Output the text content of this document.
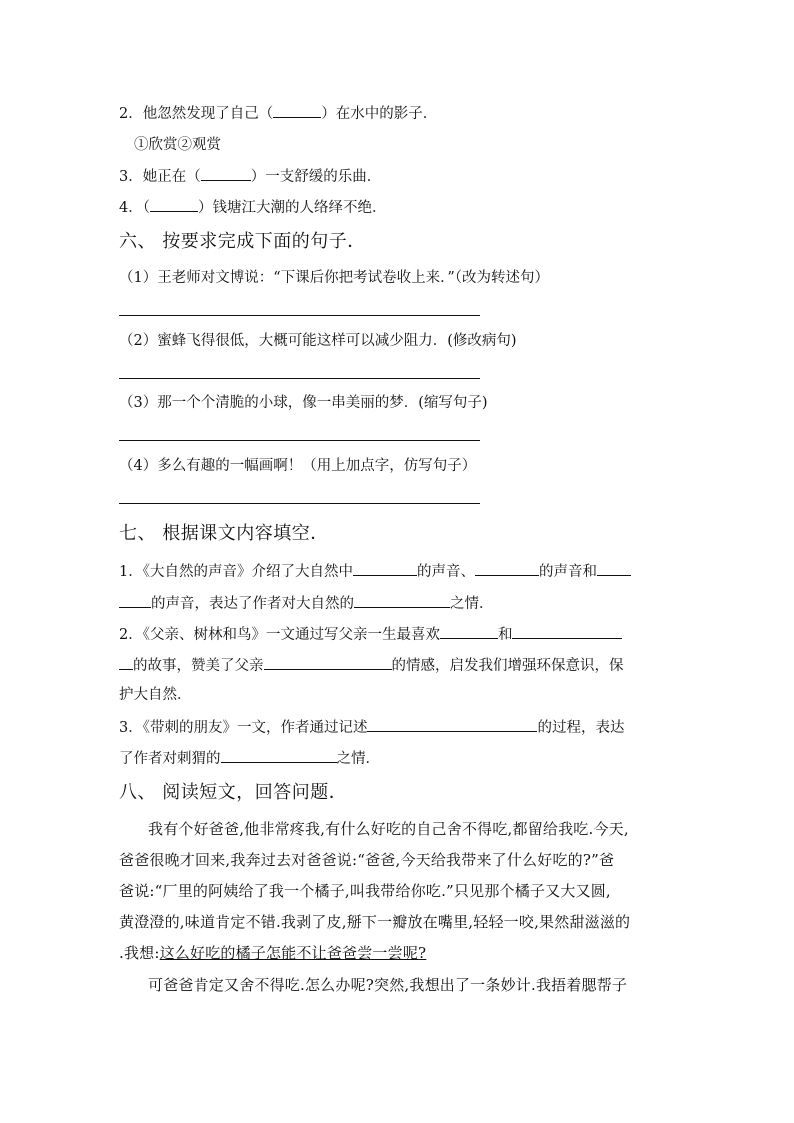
2．他忽然发现了自己（	）在水中的影子．
①欣赏②观赏
3．她正在（	）一支舒缓的乐曲．
4．（	）钱塘江大潮的人络绎不绝．
六、 按要求完成下面的句子．
（1）王老师对文博说：“下课后你把考试卷收上来．”（改为转述句）
（2）蜜蜂飞得很低，大概可能这样可以减少阻力．(修改病句)
（3）那一个个清脆的小球，像一串美丽的梦．(缩写句子)
（4）多么有趣的一幅画啊！（用上加点字，仿写句子）
七、 根据课文内容填空．
1．《大自然的声音》介绍了大自然中	的声音、	的声音和
的声音，表达了作者对大自然的	之情．
2．《父亲、树林和鸟》一文通过写父亲一生最喜欢	和
的故事，赞美了父亲	的情感，启发我们增强环保意识，保
护大自然．
3．《带刺的朋友》一文，作者通过记述	的过程，表达
了作者对刺猬的	之情．
八、 阅读短文，回答问题．
我有个好爸爸,他非常疼我,有什么好吃的自己舍不得吃,都留给我吃.今天,
爸爸很晚才回来,我奔过去对爸爸说:“爸爸,今天给我带来了什么好吃的?”爸
爸说:“厂里的阿姨给了我一个橘子,叫我带给你吃.”只见那个橘子又大又圆,
黄澄澄的,味道肯定不错.我剥了皮,掰下一瓣放在嘴里,轻轻一咬,果然甜滋滋的
.我想:这么好吃的橘子怎能不让爸爸尝一尝呢?
可爸爸肯定又舍不得吃.怎么办呢?突然,我想出了一条妙计.我捂着腮帮子
